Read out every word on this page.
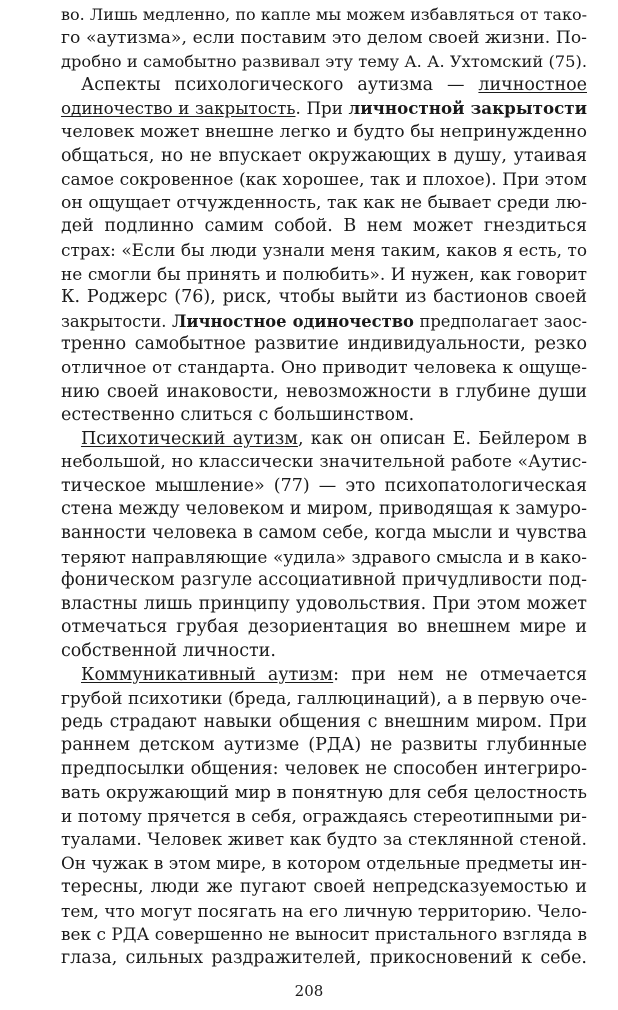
во. Лишь медленно, по капле мы можем избавляться от тако-
го «аутизма», если поставим это делом своей жизни. По-
дробно и самобытно развивал эту тему А. А. Ухтомский (75).
Аспекты психологического аутизма — личностное
одиночество и закрытость. При личностной закрытости
человек может внешне легко и будто бы непринужденно
общаться, но не впускает окружающих в душу, утаивая
самое сокровенное (как хорошее, так и плохое). При этом
он ощущает отчужденность, так как не бывает среди лю-
дей подлинно самим собой. В нем может гнездиться
страх: «Если бы люди узнали меня таким, каков я есть, то
не смогли бы принять и полюбить». И нужен, как говорит
К. Роджерс (76), риск, чтобы выйти из бастионов своей
закрытости. Личностное одиночество предполагает заос-
тренно самобытное развитие индивидуальности, резко
отличное от стандарта. Оно приводит человека к ощуще-
нию своей инаковости, невозможности в глубине души
естественно слиться с большинством.
Психотический аутизм, как он описан Е. Бейлером в
небольшой, но классически значительной работе «Аутис-
тическое мышление» (77) — это психопатологическая
стена между человеком и миром, приводящая к замуро-
ванности человека в самом себе, когда мысли и чувства
теряют направляющие «удила» здравого смысла и в како-
фоническом разгуле ассоциативной причудливости под-
властны лишь принципу удовольствия. При этом может
отмечаться грубая дезориентация во внешнем мире и
собственной личности.
Коммуникативный аутизм: при нем не отмечается
грубой психотики (бреда, галлюцинаций), а в первую оче-
редь страдают навыки общения с внешним миром. При
раннем детском аутизме (РДА) не развиты глубинные
предпосылки общения: человек не способен интегриро-
вать окружающий мир в понятную для себя целостность
и потому прячется в себя, ограждаясь стереотипными ри-
туалами. Человек живет как будто за стеклянной стеной.
Он чужак в этом мире, в котором отдельные предметы ин-
тересны, люди же пугают своей непредсказуемостью и
тем, что могут посягать на его личную территорию. Чело-
век с РДА совершенно не выносит пристального взгляда в
глаза, сильных раздражителей, прикосновений к себе.
208
